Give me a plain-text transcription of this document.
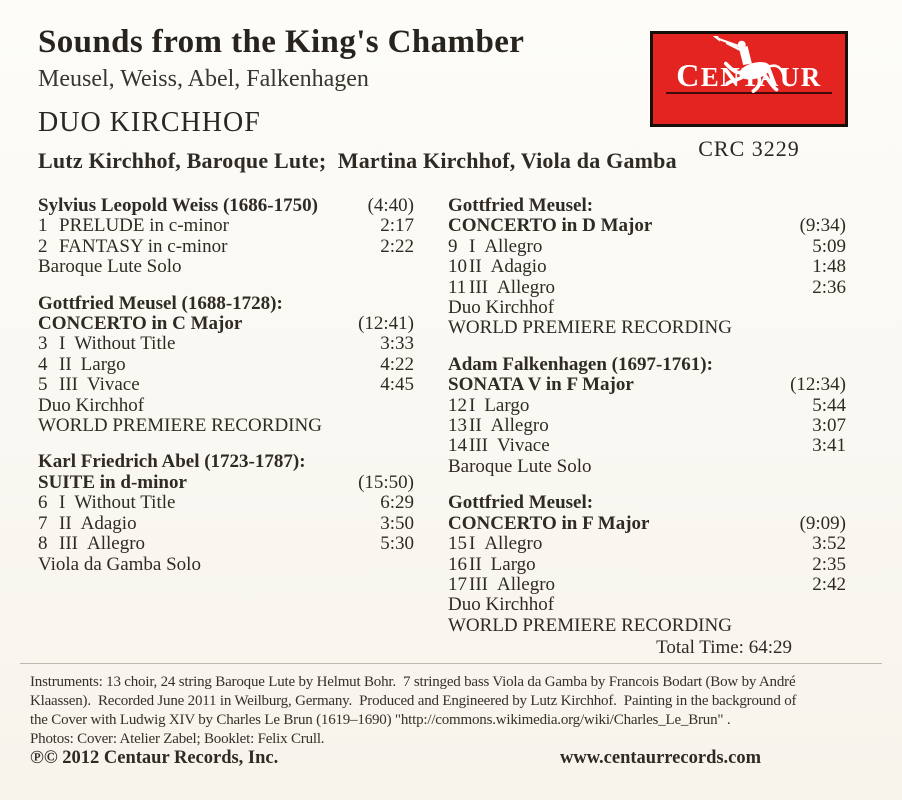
Sounds from the King's Chamber
Meusel, Weiss, Abel, Falkenhagen
DUO KIRCHHOF
Lutz Kirchhof, Baroque Lute;  Martina Kirchhof, Viola da Gamba
CENTAUR
CRC 3229
Sylvius Leopold Weiss (1686-1750)	(4:40)
1 PRELUDE in c-minor	2:17
2 FANTASY in c-minor	2:22
Baroque Lute Solo
Gottfried Meusel (1688-1728):
CONCERTO in C Major	(12:41)
3 I Without Title	3:33
4 II Largo	4:22
5 III Vivace	4:45
Duo Kirchhof
WORLD PREMIERE RECORDING
Karl Friedrich Abel (1723-1787):
SUITE in d-minor	(15:50)
6 I Without Title	6:29
7 II Adagio	3:50
8 III Allegro	5:30
Viola da Gamba Solo
Gottfried Meusel:
CONCERTO in D Major	(9:34)
9 I Allegro	5:09
10 II Adagio	1:48
11 III Allegro	2:36
Duo Kirchhof
WORLD PREMIERE RECORDING
Adam Falkenhagen (1697-1761):
SONATA V in F Major	(12:34)
12 I Largo	5:44
13 II Allegro	3:07
14 III Vivace	3:41
Baroque Lute Solo
Gottfried Meusel:
CONCERTO in F Major	(9:09)
15 I Allegro	3:52
16 II Largo	2:35
17 III Allegro	2:42
Duo Kirchhof
WORLD PREMIERE RECORDING
Total Time: 64:29
Instruments: 13 choir, 24 string Baroque Lute by Helmut Bohr.  7 stringed bass Viola da Gamba by Francois Bodart (Bow by André
Klaassen).  Recorded June 2011 in Weilburg, Germany.  Produced and Engineered by Lutz Kirchhof.  Painting in the background of
the Cover with Ludwig XIV by Charles Le Brun (1619–1690) "http://commons.wikimedia.org/wiki/Charles_Le_Brun" .
Photos: Cover: Atelier Zabel; Booklet: Felix Crull.
℗© 2012 Centaur Records, Inc.	www.centaurrecords.com
